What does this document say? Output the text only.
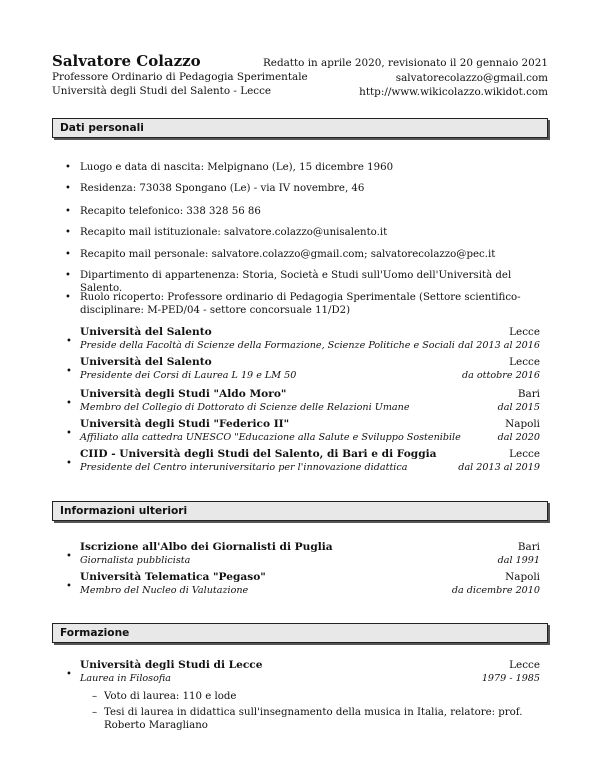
Salvatore Colazzo
Professore Ordinario di Pedagogia Sperimentale
Università degli Studi del Salento - Lecce
Redatto in aprile 2020, revisionato il 20 gennaio 2021
salvatorecolazzo@gmail.com
http://www.wikicolazzo.wikidot.com
Dati personali
• Luogo e data di nascita: Melpignano (Le), 15 dicembre 1960
• Residenza: 73038 Spongano (Le) - via IV novembre, 46
• Recapito telefonico: 338 328 56 86
• Recapito mail istituzionale: salvatore.colazzo@unisalento.it
• Recapito mail personale: salvatore.colazzo@gmail.com; salvatorecolazzo@pec.it
• Dipartimento di appartenenza: Storia, Società e Studi sull'Uomo dell'Università del Salento.
• Ruolo ricoperto: Professore ordinario di Pedagogia Sperimentale (Settore scientifico-disciplinare: M-PED/04 - settore concorsuale 11/D2)
•
Università del Salento	Lecce
Preside della Facoltà di Scienze della Formazione, Scienze Politiche e Sociali dal 2013 al 2016
•
Università del Salento	Lecce
Presidente dei Corsi di Laurea L 19 e LM 50	da ottobre 2016
•
Università degli Studi "Aldo Moro"	Bari
Membro del Collegio di Dottorato di Scienze delle Relazioni Umane	dal 2015
•
Università degli Studi "Federico II"	Napoli
Affiliato alla cattedra UNESCO "Educazione alla Salute e Sviluppo Sostenibile	dal 2020
•
CIID - Università degli Studi del Salento, di Bari e di Foggia	Lecce
Presidente del Centro interuniversitario per l'innovazione didattica	dal 2013 al 2019
Informazioni ulteriori
•
Iscrizione all'Albo dei Giornalisti di Puglia	Bari
Giornalista pubblicista	dal 1991
•
Università Telematica "Pegaso"	Napoli
Membro del Nucleo di Valutazione	da dicembre 2010
Formazione
•
Università degli Studi di Lecce	Lecce
Laurea in Filosofia	1979 - 1985
– Voto di laurea: 110 e lode
– Tesi di laurea in didattica sull'insegnamento della musica in Italia, relatore: prof. Roberto Maragliano
